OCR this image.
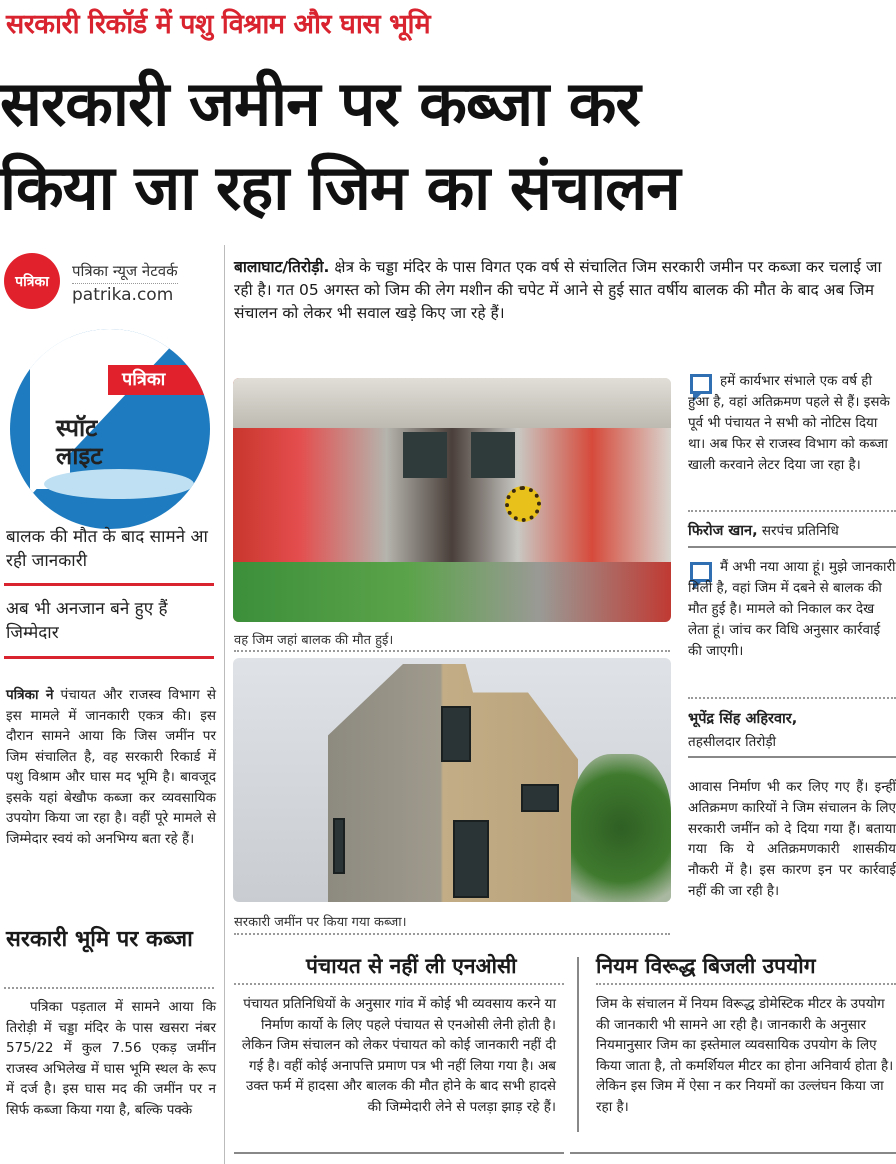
सरकारी रिकॉर्ड में पशु विश्राम और घास भूमि
सरकारी जमीन पर कब्जा कर
किया जा रहा जिम का संचालन
पत्रिका
पत्रिका न्यूज नेटवर्क
patrika.com
पत्रिका
स्पॉट
लाइट
बालक की मौत के बाद सामने आ रही जानकारी
अब भी अनजान बने हुए हैं जिम्मेदार
पत्रिका ने पंचायत और राजस्व विभाग से इस मामले में जानकारी एकत्र की। इस दौरान सामने आया कि जिस जमींन पर जिम संचालित है, वह सरकारी रिकार्ड में पशु विश्राम और घास मद भूमि है। बावजूद इसके यहां बेखौफ कब्जा कर व्यवसायिक उपयोग किया जा रहा है। वहीं पूरे मामले से जिम्मेदार स्वयं को अनभिग्य बता रहे हैं।
सरकारी भूमि पर कब्जा
पत्रिका पड़ताल में सामने आया कि तिरोड़ी में चड्डा मंदिर के पास खसरा नंबर 575/22 में कुल 7.56 एकड़ जमींन राजस्व अभिलेख में घास भूमि स्थल के रूप में दर्ज है। इस घास मद की जमींन पर न सिर्फ कब्जा किया गया है, बल्कि पक्के
बालाघाट/तिरोड़ी. क्षेत्र के चड्डा मंदिर के पास विगत एक वर्ष से संचालित जिम सरकारी जमीन पर कब्जा कर चलाई जा रही है। गत 05 अगस्त को जिम की लेग मशीन की चपेट में आने से हुई सात वर्षीय बालक की मौत के बाद अब जिम संचालन को लेकर भी सवाल खड़े किए जा रहे हैं।
वह जिम जहां बालक की मौत हुई।
सरकारी जमींन पर किया गया कब्जा।
हमें कार्यभार संभाले एक वर्ष ही हुआ है, वहां अतिक्रमण पहले से हैं। इसके पूर्व भी पंचायत ने सभी को नोटिस दिया था। अब फिर से राजस्व विभाग को कब्जा खाली करवाने लेटर दिया जा रहा है।
फिरोज खान, सरपंच प्रतिनिधि
मैं अभी नया आया हूं। मुझे जानकारी मिली है, वहां जिम में दबने से बालक की मौत हुई है। मामले को निकाल कर देख लेता हूं। जांच कर विधि अनुसार कार्रवाई की जाएगी।
भूपेंद्र सिंह अहिरवार,
तहसीलदार तिरोड़ी
आवास निर्माण भी कर लिए गए हैं। इन्हीं अतिक्रमण कारियों ने जिम संचालन के लिए सरकारी जमींन को दे दिया गया हैं। बताया गया कि ये अतिक्रमणकारी शासकीय नौकरी में है। इस कारण इन पर कार्रवाई नहीं की जा रही है।
पंचायत से नहीं ली एनओसी
पंचायत प्रतिनिधियों के अनुसार गांव में कोई भी व्यवसाय करने या निर्माण कार्यो के लिए पहले पंचायत से एनओसी लेनी होती है। लेकिन जिम संचालन को लेकर पंचायत को कोई जानकारी नहीं दी गई है। वहीं कोई अनापत्ति प्रमाण पत्र भी नहीं लिया गया है। अब उक्त फर्म में हादसा और बालक की मौत होने के बाद सभी हादसे की जिम्मेदारी लेने से पलड़ा झाड़ रहे हैं।
नियम विरूद्ध बिजली उपयोग
जिम के संचालन में नियम विरूद्ध डोमेस्टिक मीटर के उपयोग की जानकारी भी सामने आ रही है। जानकारी के अनुसार नियमानुसार जिम का इस्तेमाल व्यवसायिक उपयोग के लिए किया जाता है, तो कमर्शियल मीटर का होना अनिवार्य होता है। लेकिन इस जिम में ऐसा न कर नियमों का उल्लंघन किया जा रहा है।
